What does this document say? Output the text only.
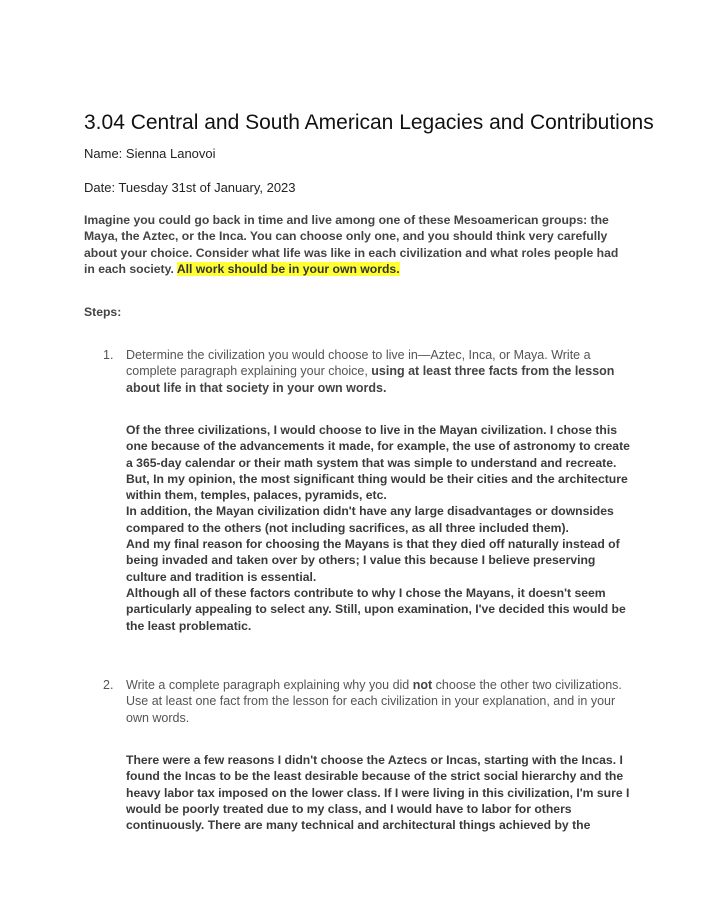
3.04 Central and South American Legacies and Contributions
Name: Sienna Lanovoi
Date: Tuesday 31st of January, 2023
Imagine you could go back in time and live among one of these Mesoamerican groups: the Maya, the Aztec, or the Inca. You can choose only one, and you should think very carefully about your choice. Consider what life was like in each civilization and what roles people had in each society. All work should be in your own words.
Steps:
1. Determine the civilization you would choose to live in—Aztec, Inca, or Maya. Write a complete paragraph explaining your choice, using at least three facts from the lesson about life in that society in your own words.

Of the three civilizations, I would choose to live in the Mayan civilization. I chose this one because of the advancements it made, for example, the use of astronomy to create a 365-day calendar or their math system that was simple to understand and recreate.

But, In my opinion, the most significant thing would be their cities and the architecture within them, temples, palaces, pyramids, etc.

In addition, the Mayan civilization didn't have any large disadvantages or downsides compared to the others (not including sacrifices, as all three included them).

And my final reason for choosing the Mayans is that they died off naturally instead of being invaded and taken over by others; I value this because I believe preserving culture and tradition is essential.

Although all of these factors contribute to why I chose the Mayans, it doesn't seem particularly appealing to select any. Still, upon examination, I've decided this would be the least problematic.

2. Write a complete paragraph explaining why you did not choose the other two civilizations. Use at least one fact from the lesson for each civilization in your explanation, and in your own words.

There were a few reasons I didn't choose the Aztecs or Incas, starting with the Incas. I found the Incas to be the least desirable because of the strict social hierarchy and the heavy labor tax imposed on the lower class. If I were living in this civilization, I'm sure I would be poorly treated due to my class, and I would have to labor for others continuously. There are many technical and architectural things achieved by the
